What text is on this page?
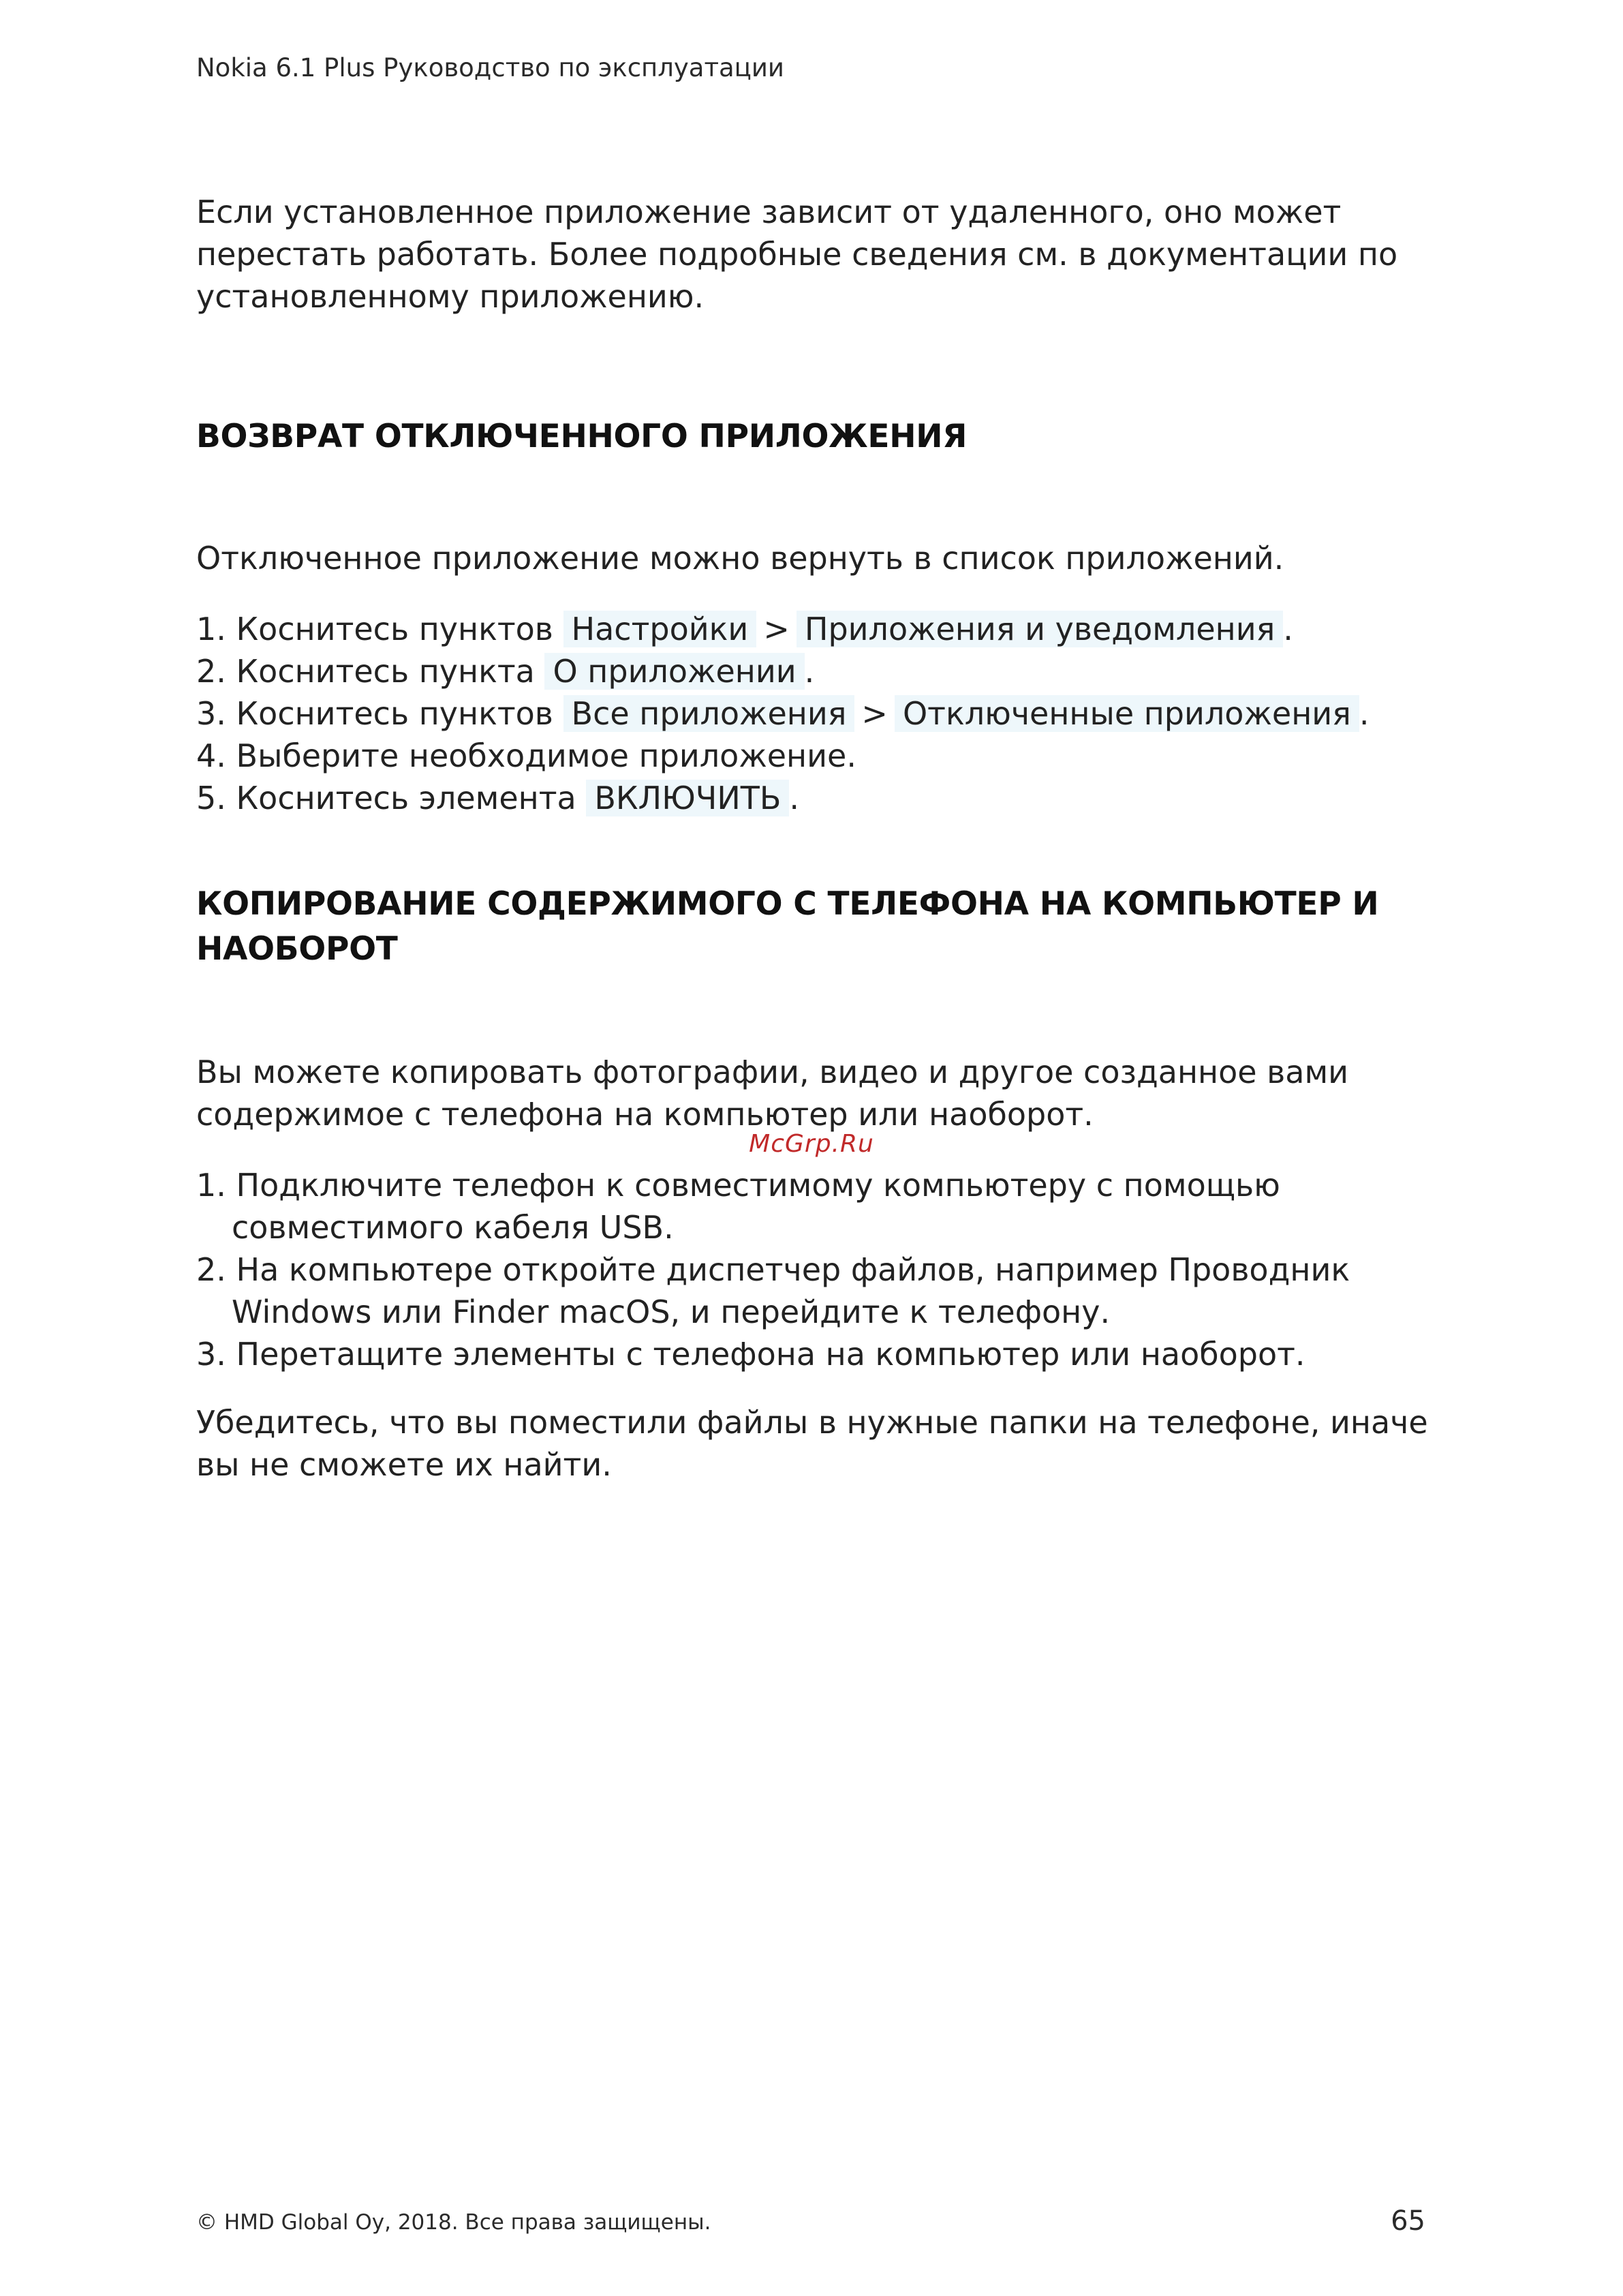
Nokia 6.1 Plus Руководство по эксплуатации

Если установленное приложение зависит от удаленного, оно может перестать работать. Более подробные сведения см. в документации по установленному приложению.

ВОЗВРАТ ОТКЛЮЧЕННОГО ПРИЛОЖЕНИЯ

Отключенное приложение можно вернуть в список приложений.

1. Коснитесь пунктов Настройки > Приложения и уведомления .
2. Коснитесь пункта О приложении .
3. Коснитесь пунктов Все приложения > Отключенные приложения .
4. Выберите необходимое приложение.
5. Коснитесь элемента ВКЛЮЧИТЬ .
КОПИРОВАНИЕ СОДЕРЖИМОГО С ТЕЛЕФОНА НА КОМПЬЮТЕР И НАОБОРОТ

Вы можете копировать фотографии, видео и другое созданное вами содержимое с телефона на компьютер или наоборот.

1. Подключите телефон к совместимому компьютеру с помощью совместимого кабеля USB.
2. На компьютере откройте диспетчер файлов, например Проводник Windows или Finder macOS, и перейдите к телефону.
3. Перетащите элементы с телефона на компьютер или наоборот.

Убедитесь, что вы поместили файлы в нужные папки на телефоне, иначе вы не сможете их найти.

McGrp.Ru
© HMD Global Oy, 2018. Все права защищены.	65
